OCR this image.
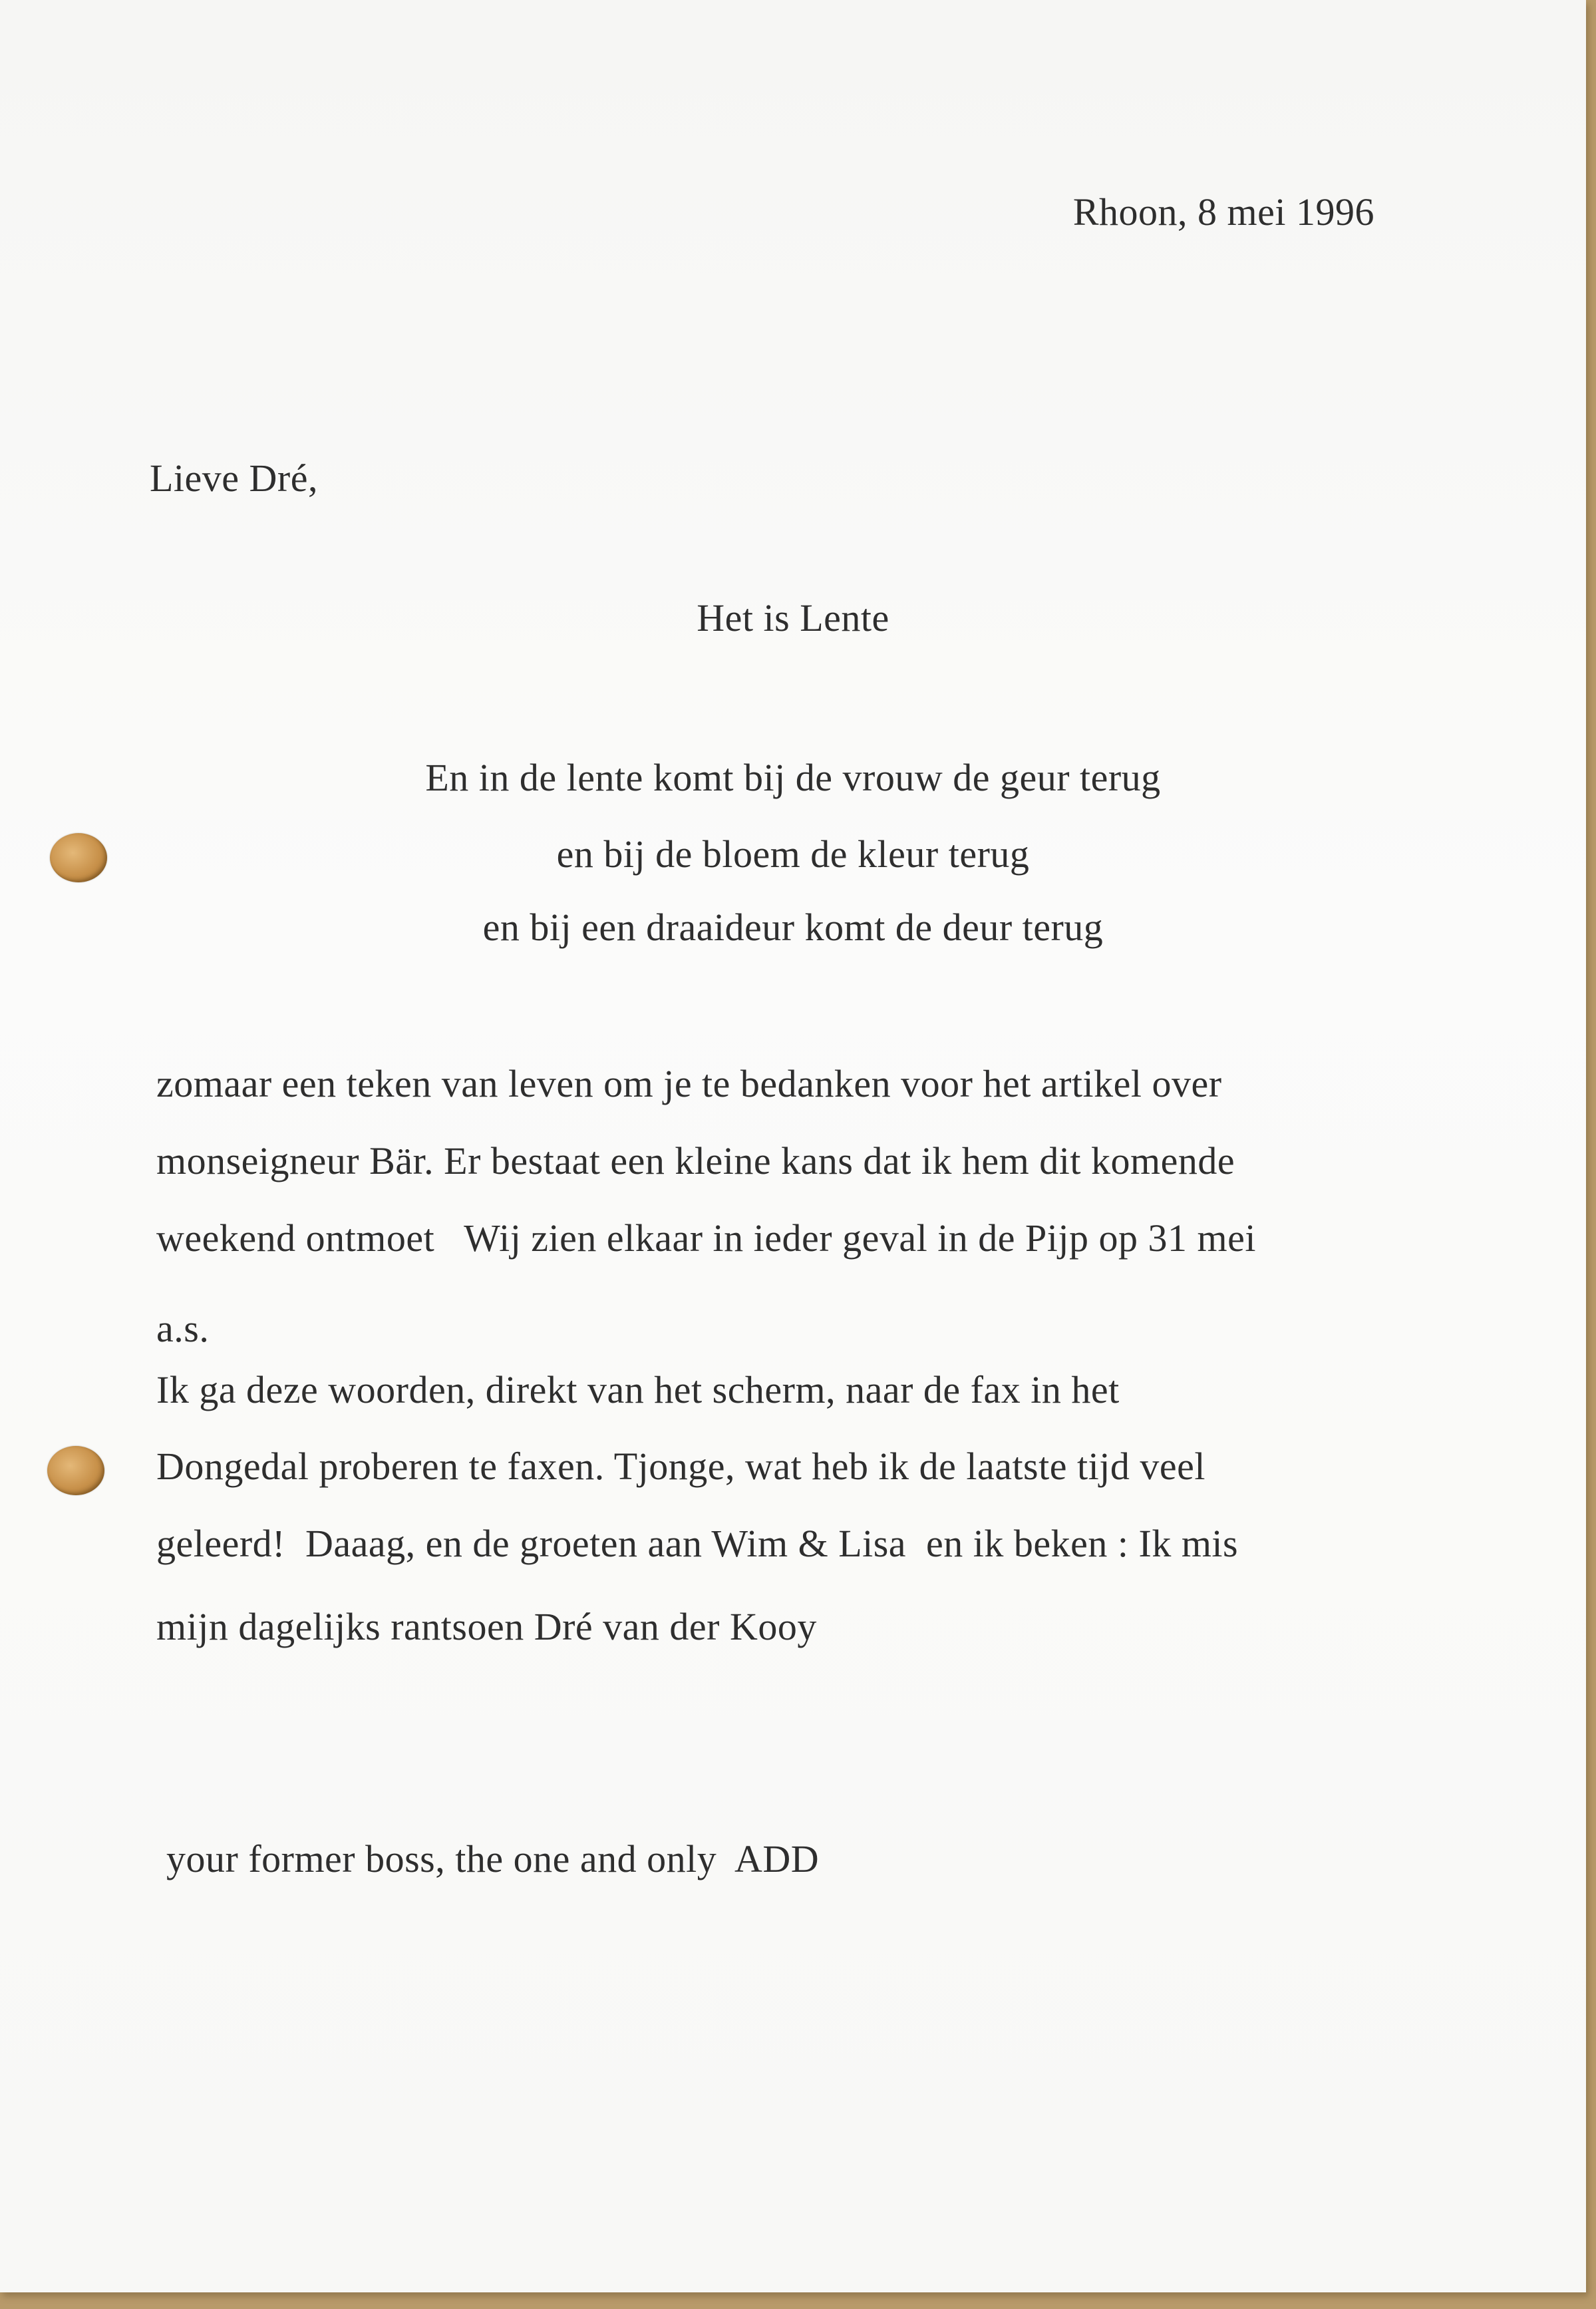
Rhoon, 8 mei 1996
Lieve Dré,
Het is Lente
En in de lente komt bij de vrouw de geur terug
en bij de bloem de kleur terug
en bij een draaideur komt de deur terug
zomaar een teken van leven om je te bedanken voor het artikel over
monseigneur Bär. Er bestaat een kleine kans dat ik hem dit komende
weekend ontmoet   Wij zien elkaar in ieder geval in de Pijp op 31 mei
a.s.
Ik ga deze woorden, direkt van het scherm, naar de fax in het
Dongedal proberen te faxen. Tjonge, wat heb ik de laatste tijd veel
geleerd!  Daaag, en de groeten aan Wim & Lisa  en ik beken : Ik mis
mijn dagelijks rantsoen Dré van der Kooy
your former boss, the one and only  ADD
